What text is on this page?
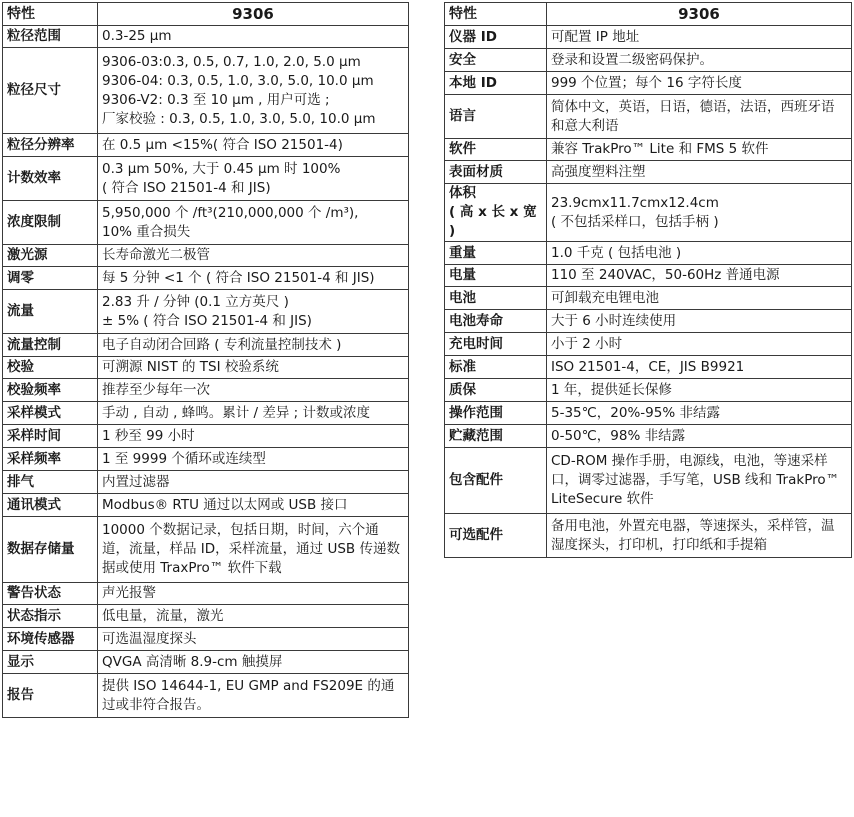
特性	9306
粒径范围	0.3-25 µm
粒径尺寸	9306-03:0.3, 0.5, 0.7, 1.0, 2.0, 5.0 µm
9306-04: 0.3, 0.5, 1.0, 3.0, 5.0, 10.0 µm
9306-V2: 0.3 至 10 µm , 用户可选 ;
厂家校验 : 0.3, 0.5, 1.0, 3.0, 5.0, 10.0 µm
粒径分辨率	在 0.5 µm <15%( 符合 ISO 21501-4)
计数效率	0.3 µm 50%, 大于 0.45 µm 时 100%
( 符合 ISO 21501-4 和 JIS)
浓度限制	5,950,000 个 /ft³(210,000,000 个 /m³),
10% 重合损失
激光源	长寿命激光二极管
调零	每 5 分钟 <1 个 ( 符合 ISO 21501-4 和 JIS)
流量	2.83 升 / 分钟 (0.1 立方英尺 )
± 5% ( 符合 ISO 21501-4 和 JIS)
流量控制	电子自动闭合回路 ( 专利流量控制技术 )
校验	可溯源 NIST 的 TSI 校验系统
校验频率	推荐至少每年一次
采样模式	手动 , 自动 , 蜂鸣。累计 / 差异 ; 计数或浓度
采样时间	1 秒至 99 小时
采样频率	1 至 9999 个循环或连续型
排气	内置过滤器
通讯模式	Modbus® RTU 通过以太网或 USB 接口
数据存储量	10000 个数据记录，包括日期，时间，六个通道，流量，样品 ID，采样流量，通过 USB 传递数据或使用 TraxPro™ 软件下载
警告状态	声光报警
状态指示	低电量，流量，激光
环境传感器	可选温湿度探头
显示	QVGA 高清晰 8.9-cm 触摸屏
报告	提供 ISO 14644-1, EU GMP and FS209E 的通过或非符合报告。
特性	9306
仪器 ID	可配置 IP 地址
安全	登录和设置二级密码保护。
本地 ID	999 个位置；每个 16 字符长度
语言	简体中文，英语，日语，德语，法语，西班牙语和意大利语
软件	兼容 TrakPro™ Lite 和 FMS 5 软件
表面材质	高强度塑料注塑
体积
( 高 x 长 x 宽 )	23.9cmx11.7cmx12.4cm
( 不包括采样口，包括手柄 )
重量	1.0 千克 ( 包括电池 )
电量	110 至 240VAC，50-60Hz 普通电源
电池	可卸载充电锂电池
电池寿命	大于 6 小时连续使用
充电时间	小于 2 小时
标准	ISO 21501-4，CE，JIS B9921
质保	1 年，提供延长保修
操作范围	5-35℃，20%-95% 非结露
贮藏范围	0-50℃，98% 非结露
包含配件	CD-ROM 操作手册，电源线，电池，等速采样口，调零过滤器，手写笔，USB 线和 TrakPro™ LiteSecure 软件
可选配件	备用电池，外置充电器，等速探头，采样管，温湿度探头，打印机，打印纸和手提箱
